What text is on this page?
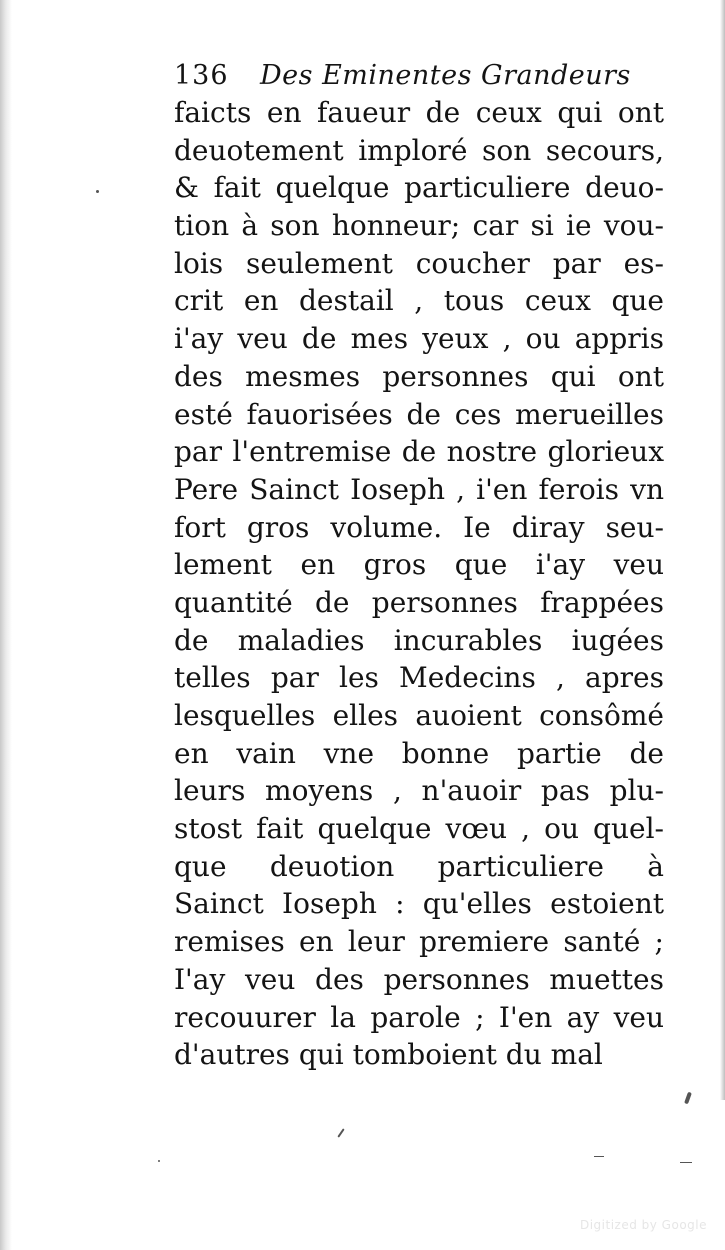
136 Des Eminentes Grandeurs
faicts en faueur de ceux qui ont
deuotement imploré son secours,
& fait quelque particuliere deuo-
tion à son honneur; car si ie vou-
lois seulement coucher par es-
crit en destail , tous ceux que
i'ay veu de mes yeux , ou appris
des mesmes personnes qui ont
esté fauorisées de ces merueilles
par l'entremise de nostre glorieux
Pere Sainct Ioseph , i'en ferois vn
fort gros volume. Ie diray seu-
lement en gros que i'ay veu
quantité de personnes frappées
de maladies incurables iugées
telles par les Medecins , apres
lesquelles elles auoient consômé
en vain vne bonne partie de
leurs moyens , n'auoir pas plu-
stost fait quelque vœu , ou quel-
que deuotion particuliere à
Sainct Ioseph : qu'elles estoient
remises en leur premiere santé ;
I'ay veu des personnes muettes
recouurer la parole ; I'en ay veu
d'autres qui tomboient du mal
Digitized by Google
